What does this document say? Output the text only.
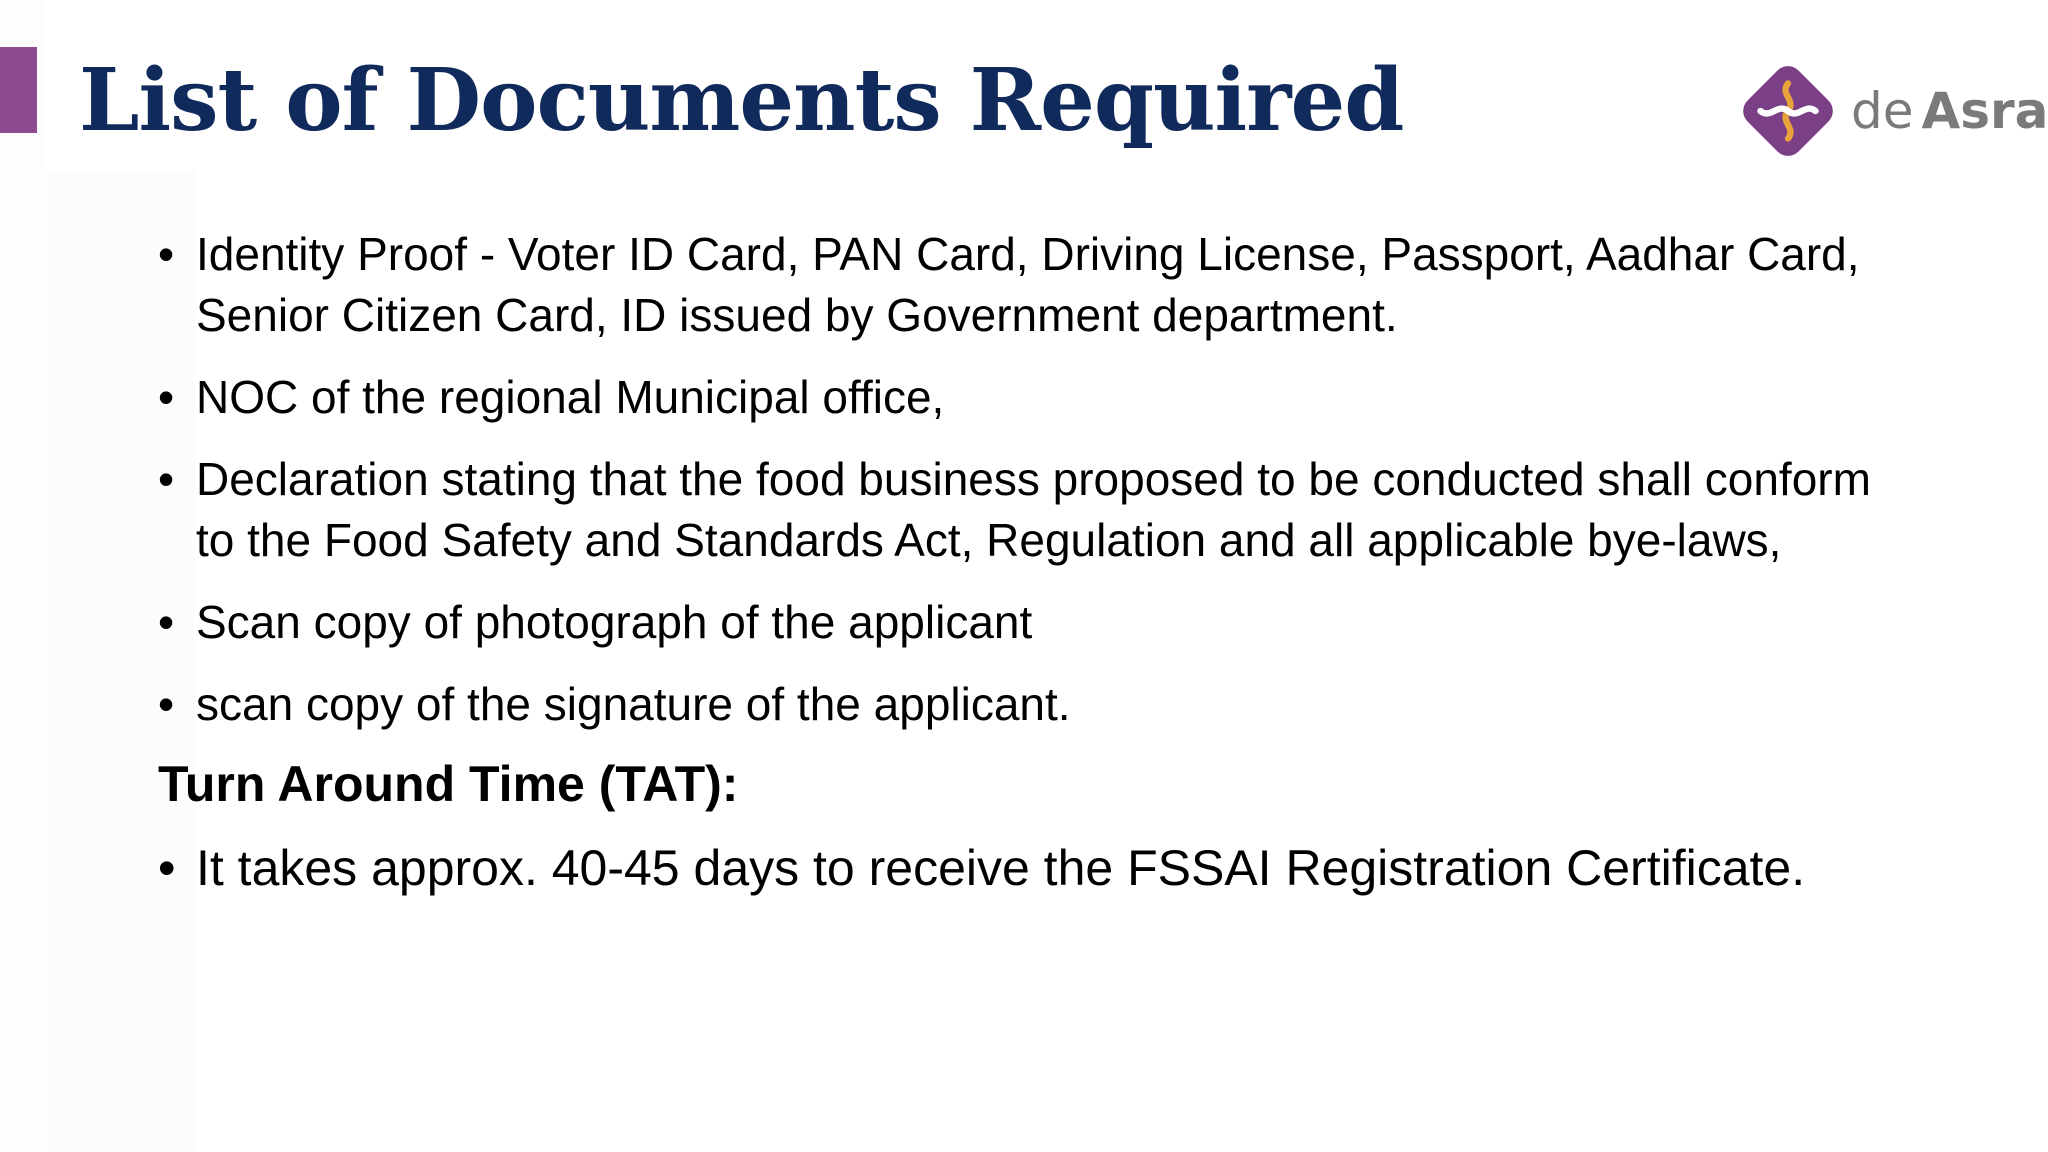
List of Documents Required	de Asra
• Identity Proof - Voter ID Card, PAN Card, Driving License, Passport, Aadhar Card, Senior Citizen Card, ID issued by Government department.
• NOC of the regional Municipal office,
• Declaration stating that the food business proposed to be conducted shall conform to the Food Safety and Standards Act, Regulation and all applicable bye-laws,
• Scan copy of photograph of the applicant
• scan copy of the signature of the applicant.
Turn Around Time (TAT):
• It takes approx. 40-45 days to receive the FSSAI Registration Certificate.
